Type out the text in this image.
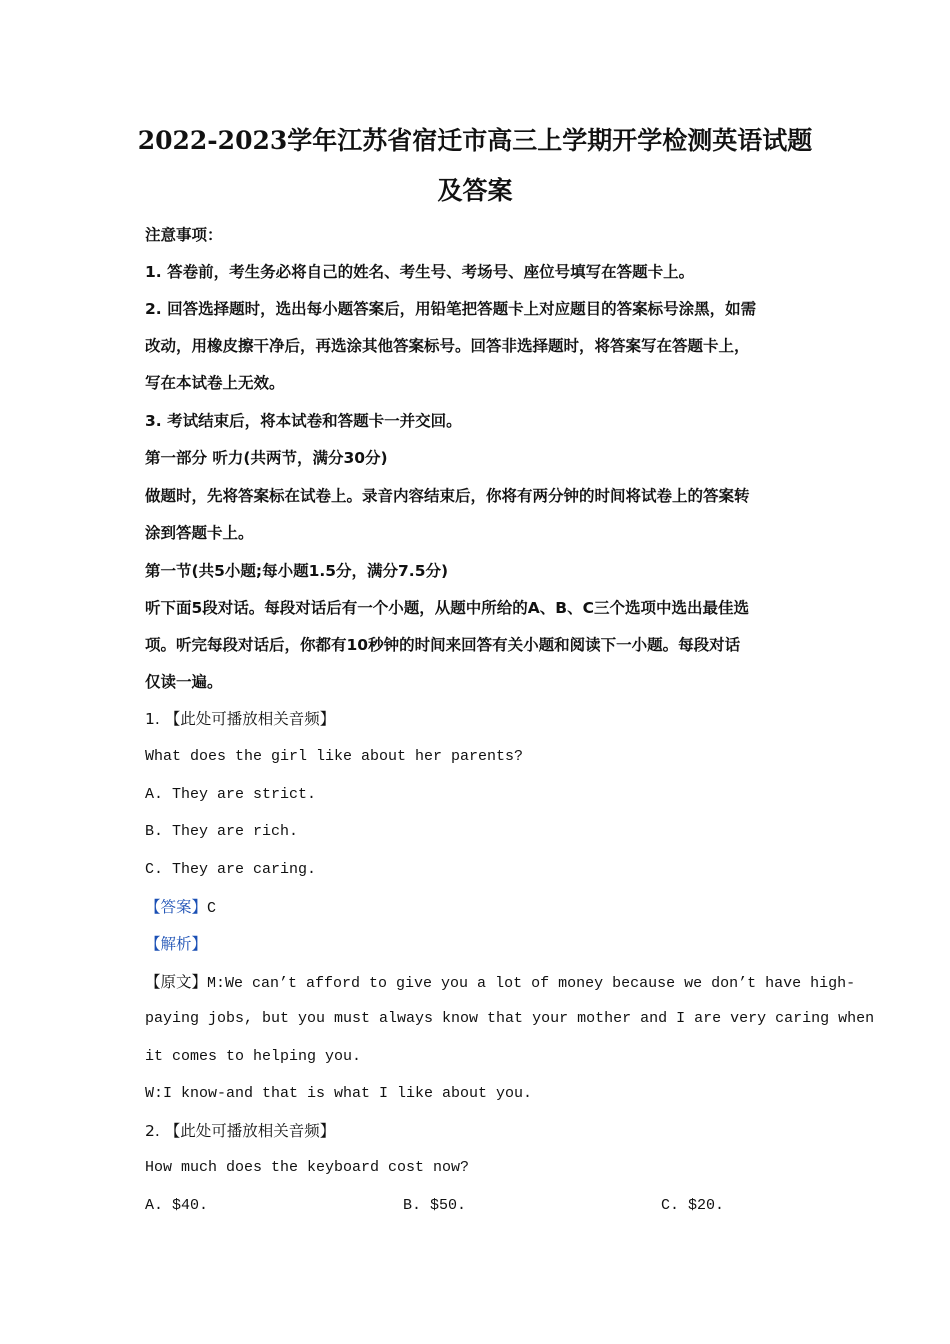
2022-2023学年江苏省宿迁市高三上学期开学检测英语试题
及答案
注意事项：
1. 答卷前，考生务必将自己的姓名、考生号、考场号、座位号填写在答题卡上。
2. 回答选择题时，选出每小题答案后，用铅笔把答题卡上对应题目的答案标号涂黑，如需
改动，用橡皮擦干净后，再选涂其他答案标号。回答非选择题时，将答案写在答题卡上，
写在本试卷上无效。
3. 考试结束后，将本试卷和答题卡一并交回。
第一部分 听力(共两节，满分30分)
做题时，先将答案标在试卷上。录音内容结束后，你将有两分钟的时间将试卷上的答案转
涂到答题卡上。
第一节(共5小题;每小题1.5分，满分7.5分)
听下面5段对话。每段对话后有一个小题，从题中所给的A、B、C三个选项中选出最佳选
项。听完每段对话后，你都有10秒钟的时间来回答有关小题和阅读下一小题。每段对话
仅读一遍。
1. 【此处可播放相关音频】
What does the girl like about her parents?
A. They are strict.
B. They are rich.
C. They are caring.
【答案】C
【解析】
【原文】M:We can’t afford to give you a lot of money because we don’t have high-
paying jobs, but you must always know that your mother and I are very caring when
it comes to helping you.
W:I know-and that is what I like about you.
2. 【此处可播放相关音频】
How much does the keyboard cost now?
A. $40.	B. $50.	C. $20.
